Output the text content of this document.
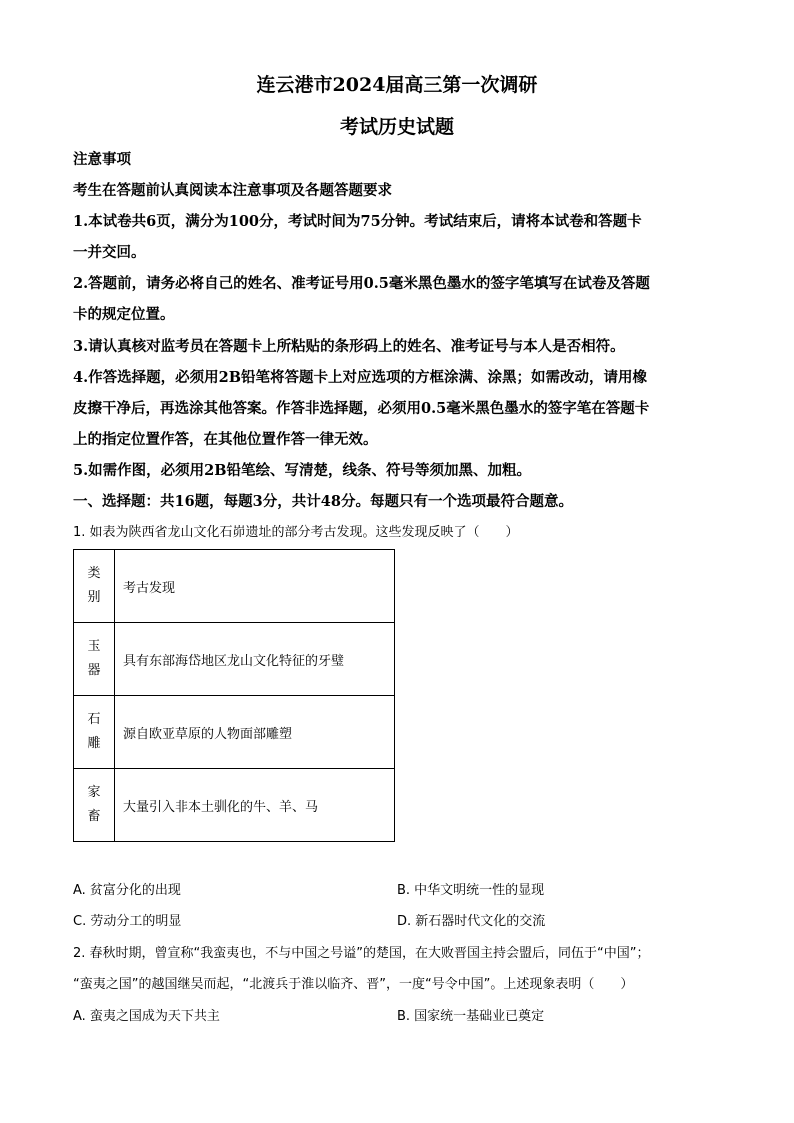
连云港市2024届高三第一次调研
考试历史试题
注意事项
考生在答题前认真阅读本注意事项及各题答题要求
1.本试卷共6页，满分为100分，考试时间为75分钟。考试结束后，请将本试卷和答题卡
一并交回。
2.答题前，请务必将自己的姓名、准考证号用0.5毫米黑色墨水的签字笔填写在试卷及答题
卡的规定位置。
3.请认真核对监考员在答题卡上所粘贴的条形码上的姓名、准考证号与本人是否相符。
4.作答选择题，必须用2B铅笔将答题卡上对应选项的方框涂满、涂黑；如需改动，请用橡
皮擦干净后，再选涂其他答案。作答非选择题，必须用0.5毫米黑色墨水的签字笔在答题卡
上的指定位置作答，在其他位置作答一律无效。
5.如需作图，必须用2B铅笔绘、写清楚，线条、符号等须加黑、加粗。
一、选择题：共16题，每题3分，共计48分。每题只有一个选项最符合题意。
1. 如表为陕西省龙山文化石峁遗址的部分考古发现。这些发现反映了（　　）
类别	考古发现
玉器	具有东部海岱地区龙山文化特征的牙璧
石雕	源自欧亚草原的人物面部雕塑
家畜	大量引入非本土驯化的牛、羊、马
A. 贫富分化的出现	B. 中华文明统一性的显现
C. 劳动分工的明显	D. 新石器时代文化的交流
2. 春秋时期，曾宣称“我蛮夷也，不与中国之号谥”的楚国，在大败晋国主持会盟后，同伍于“中国”；
“蛮夷之国”的越国继吴而起，“北渡兵于淮以临齐、晋”，一度“号令中国”。上述现象表明（　　）
A. 蛮夷之国成为天下共主	B. 国家统一基础业已奠定
